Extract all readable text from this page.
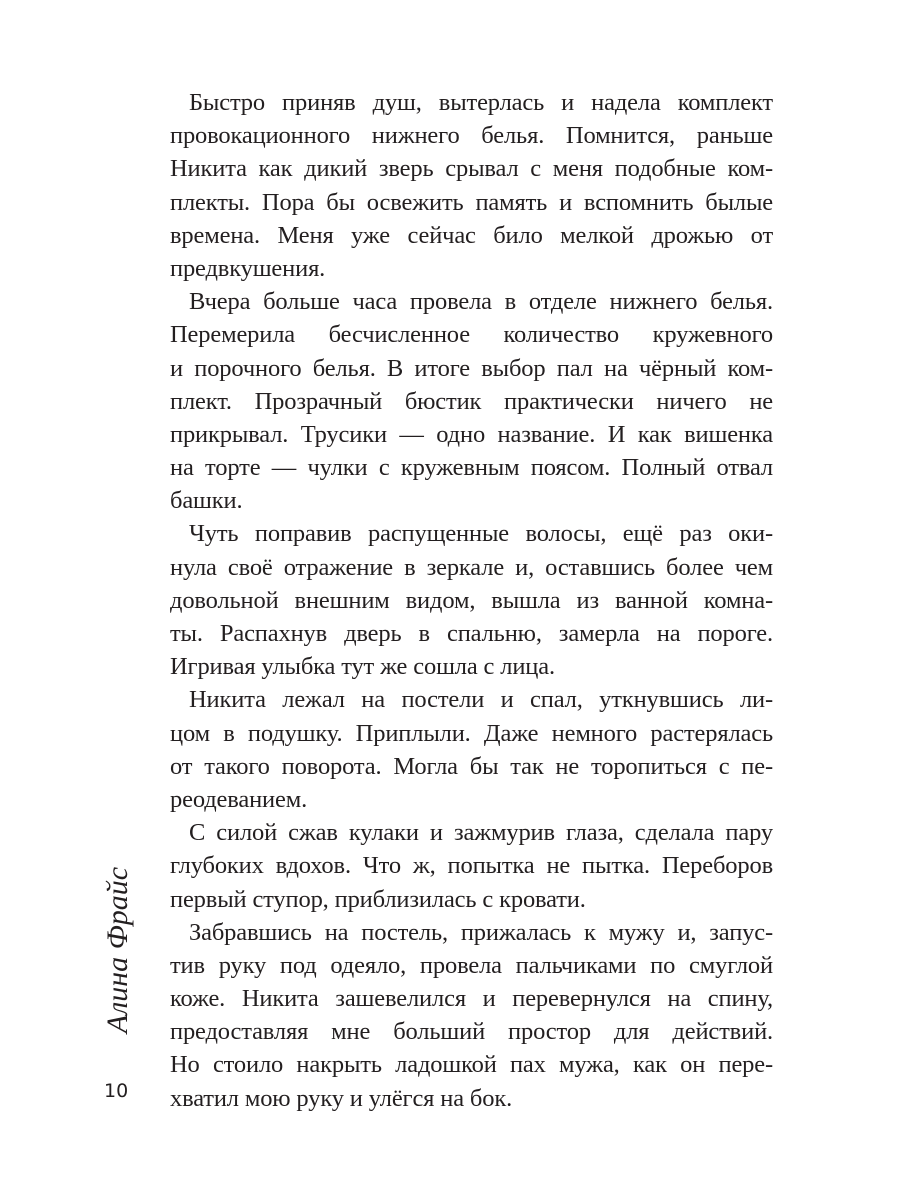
Алина Фрайс
10
Быстро приняв душ, вытерлась и надела комплект
провокационного нижнего белья. Помнится, раньше
Никита как дикий зверь срывал с меня подобные ком-
плекты. Пора бы освежить память и вспомнить былые
времена. Меня уже сейчас било мелкой дрожью от
предвкушения.
Вчера больше часа провела в отделе нижнего белья.
Перемерила бесчисленное количество кружевного
и порочного белья. В итоге выбор пал на чёрный ком-
плект. Прозрачный бюстик практически ничего не
прикрывал. Трусики — одно название. И как вишенка
на торте — чулки с кружевным поясом. Полный отвал
башки.
Чуть поправив распущенные волосы, ещё раз оки-
нула своё отражение в зеркале и, оставшись более чем
довольной внешним видом, вышла из ванной комна-
ты. Распахнув дверь в спальню, замерла на пороге.
Игривая улыбка тут же сошла с лица.
Никита лежал на постели и спал, уткнувшись ли-
цом в подушку. Приплыли. Даже немного растерялась
от такого поворота. Могла бы так не торопиться с пе-
реодеванием.
С силой сжав кулаки и зажмурив глаза, сделала пару
глубоких вдохов. Что ж, попытка не пытка. Переборов
первый ступор, приблизилась с кровати.
Забравшись на постель, прижалась к мужу и, запус-
тив руку под одеяло, провела пальчиками по смуглой
коже. Никита зашевелился и перевернулся на спину,
предоставляя мне больший простор для действий.
Но стоило накрыть ладошкой пах мужа, как он пере-
хватил мою руку и улёгся на бок.
